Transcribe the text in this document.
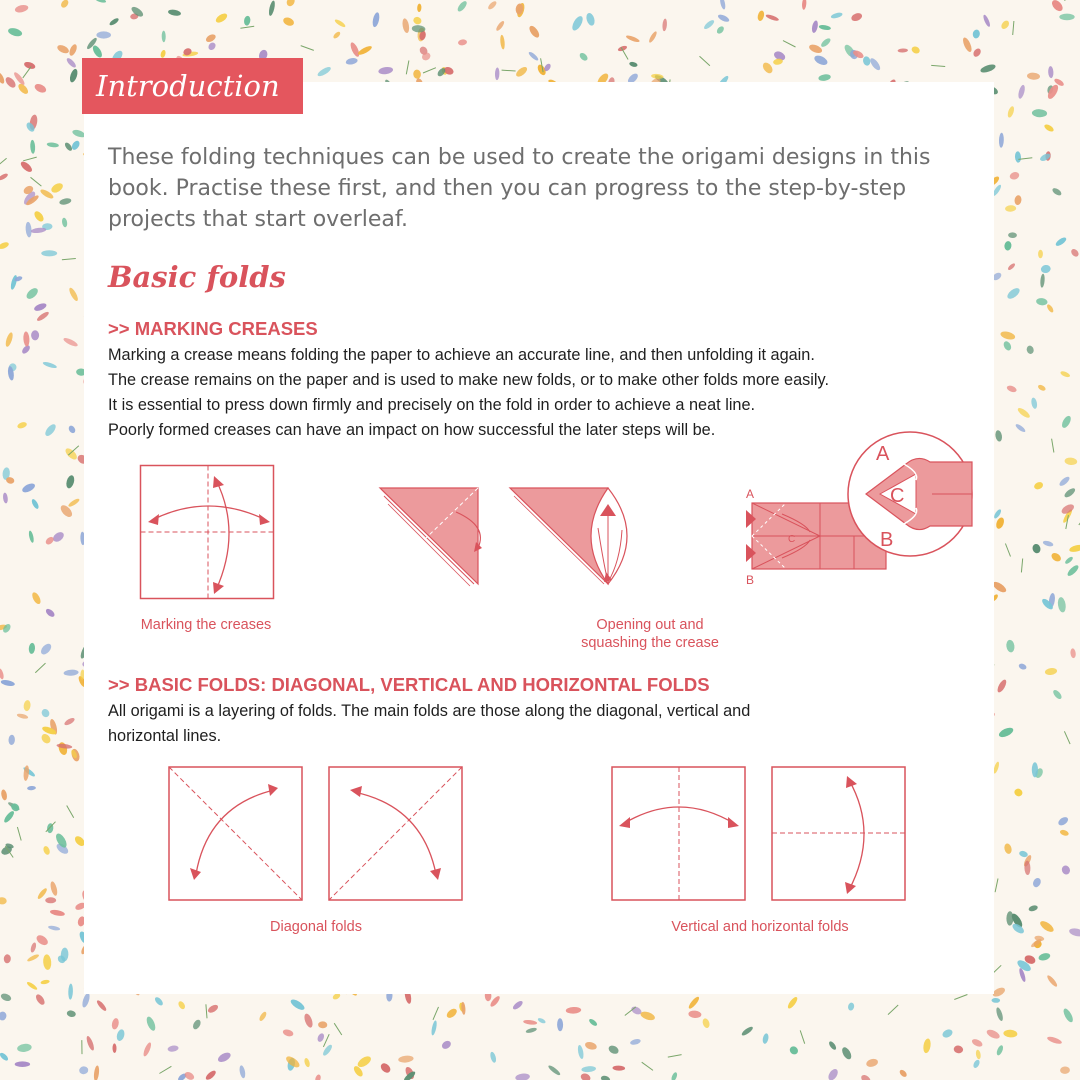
Introduction

These folding techniques can be used to create the origami designs in this book. Practise these first, and then you can progress to the step-by-step projects that start overleaf.

Basic folds
>> MARKING CREASES

Marking a crease means folding the paper to achieve an accurate line, and then unfolding it again.
The crease remains on the paper and is used to make new folds, or to make other folds more easily.
It is essential to press down firmly and precisely on the fold in order to achieve a neat line.
Poorly formed creases can have an impact on how successful the later steps will be.

A
B
C
A
C
B
Marking the creases	Opening out and
squashing the crease
>> BASIC FOLDS: DIAGONAL, VERTICAL AND HORIZONTAL FOLDS

All origami is a layering of folds. The main folds are those along the diagonal, vertical and
horizontal lines.

Diagonal folds	Vertical and horizontal folds
